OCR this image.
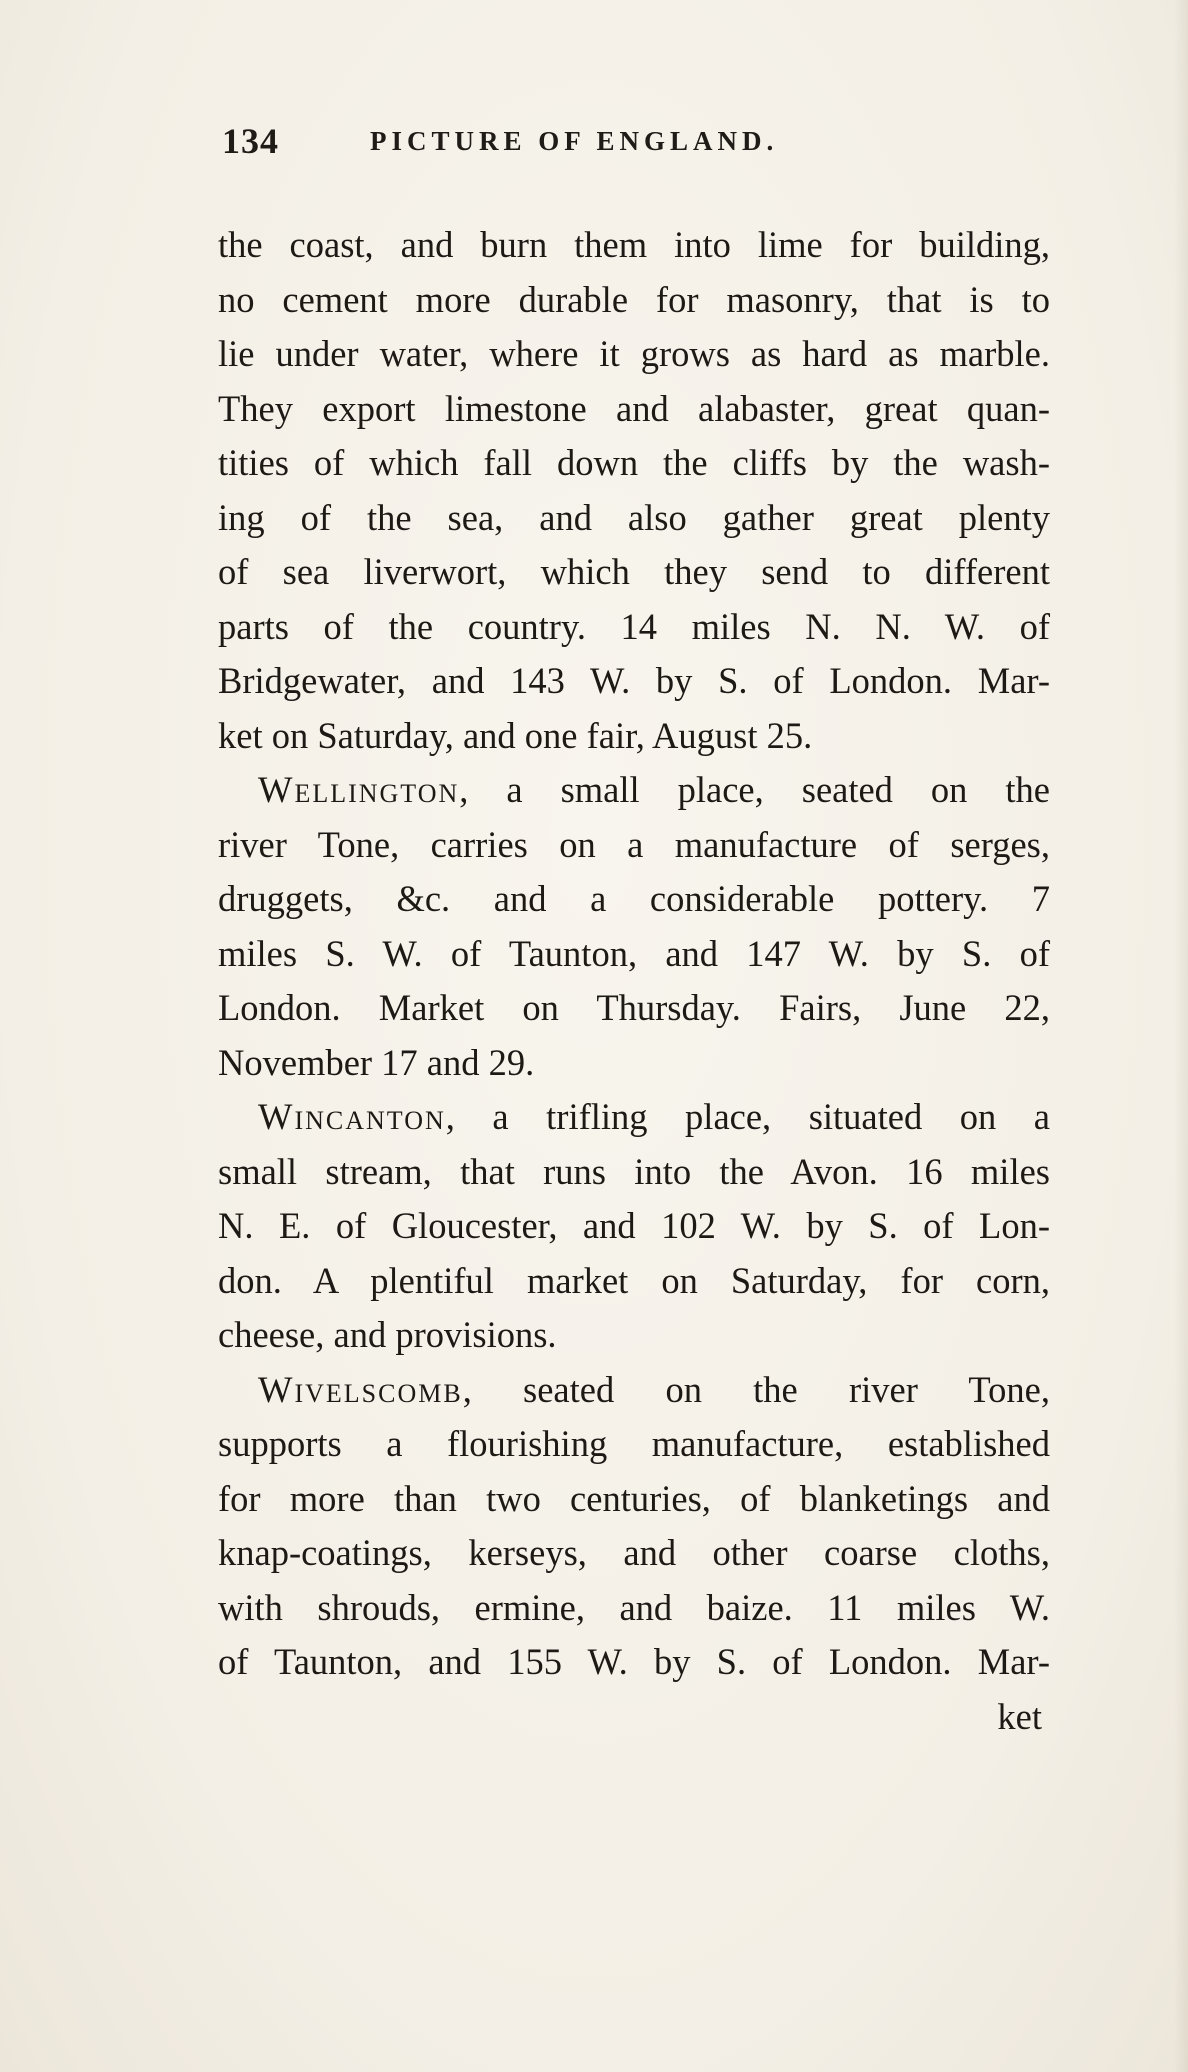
134	PICTURE OF ENGLAND.
the coast, and burn them into lime for building,
no cement more durable for masonry, that is to
lie under water, where it grows as hard as marble.
They export limestone and alabaster, great quan-
tities of which fall down the cliffs by the wash-
ing of the sea, and also gather great plenty
of sea liverwort, which they send to different
parts of the country. 14 miles N. N. W. of
Bridgewater, and 143 W. by S. of London. Mar-
ket on Saturday, and one fair, August 25.
Wellington, a small place, seated on the
river Tone, carries on a manufacture of serges,
druggets, &c. and a considerable pottery. 7
miles S. W. of Taunton, and 147 W. by S. of
London. Market on Thursday. Fairs, June 22,
November 17 and 29.
Wincanton, a trifling place, situated on a
small stream, that runs into the Avon. 16 miles
N. E. of Gloucester, and 102 W. by S. of Lon-
don. A plentiful market on Saturday, for corn,
cheese, and provisions.
Wivelscomb, seated on the river Tone,
supports a flourishing manufacture, established
for more than two centuries, of blanketings and
knap-coatings, kerseys, and other coarse cloths,
with shrouds, ermine, and baize. 11 miles W.
of Taunton, and 155 W. by S. of London. Mar-
ket
